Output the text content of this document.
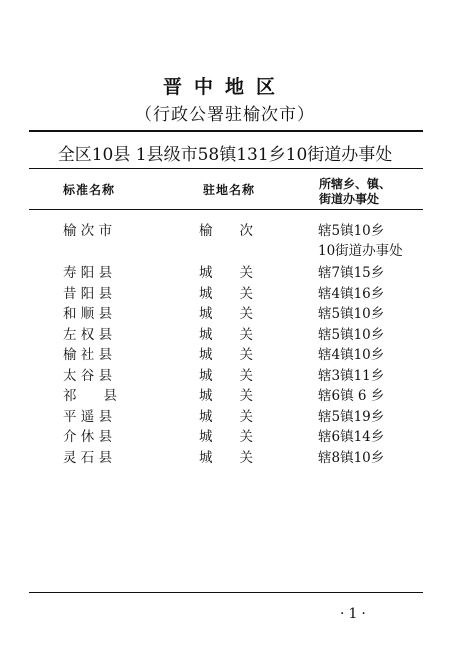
晋中地区
（行政公署驻榆次市）
全区10县 1县级市58镇131乡10街道办事处
标准名称	驻地名称	所辖乡、镇、
街道办事处
榆 次 市	榆　　次	辖5镇10乡
10街道办事处
寿 阳 县	城　　关	辖7镇15乡
昔 阳 县	城　　关	辖4镇16乡
和 顺 县	城　　关	辖5镇10乡
左 权 县	城　　关	辖5镇10乡
榆 社 县	城　　关	辖4镇10乡
太 谷 县	城　　关	辖3镇11乡
祁　　县	城　　关	辖6镇 6 乡
平 遥 县	城　　关	辖5镇19乡
介 休 县	城　　关	辖6镇14乡
灵 石 县	城　　关	辖8镇10乡
·1·
